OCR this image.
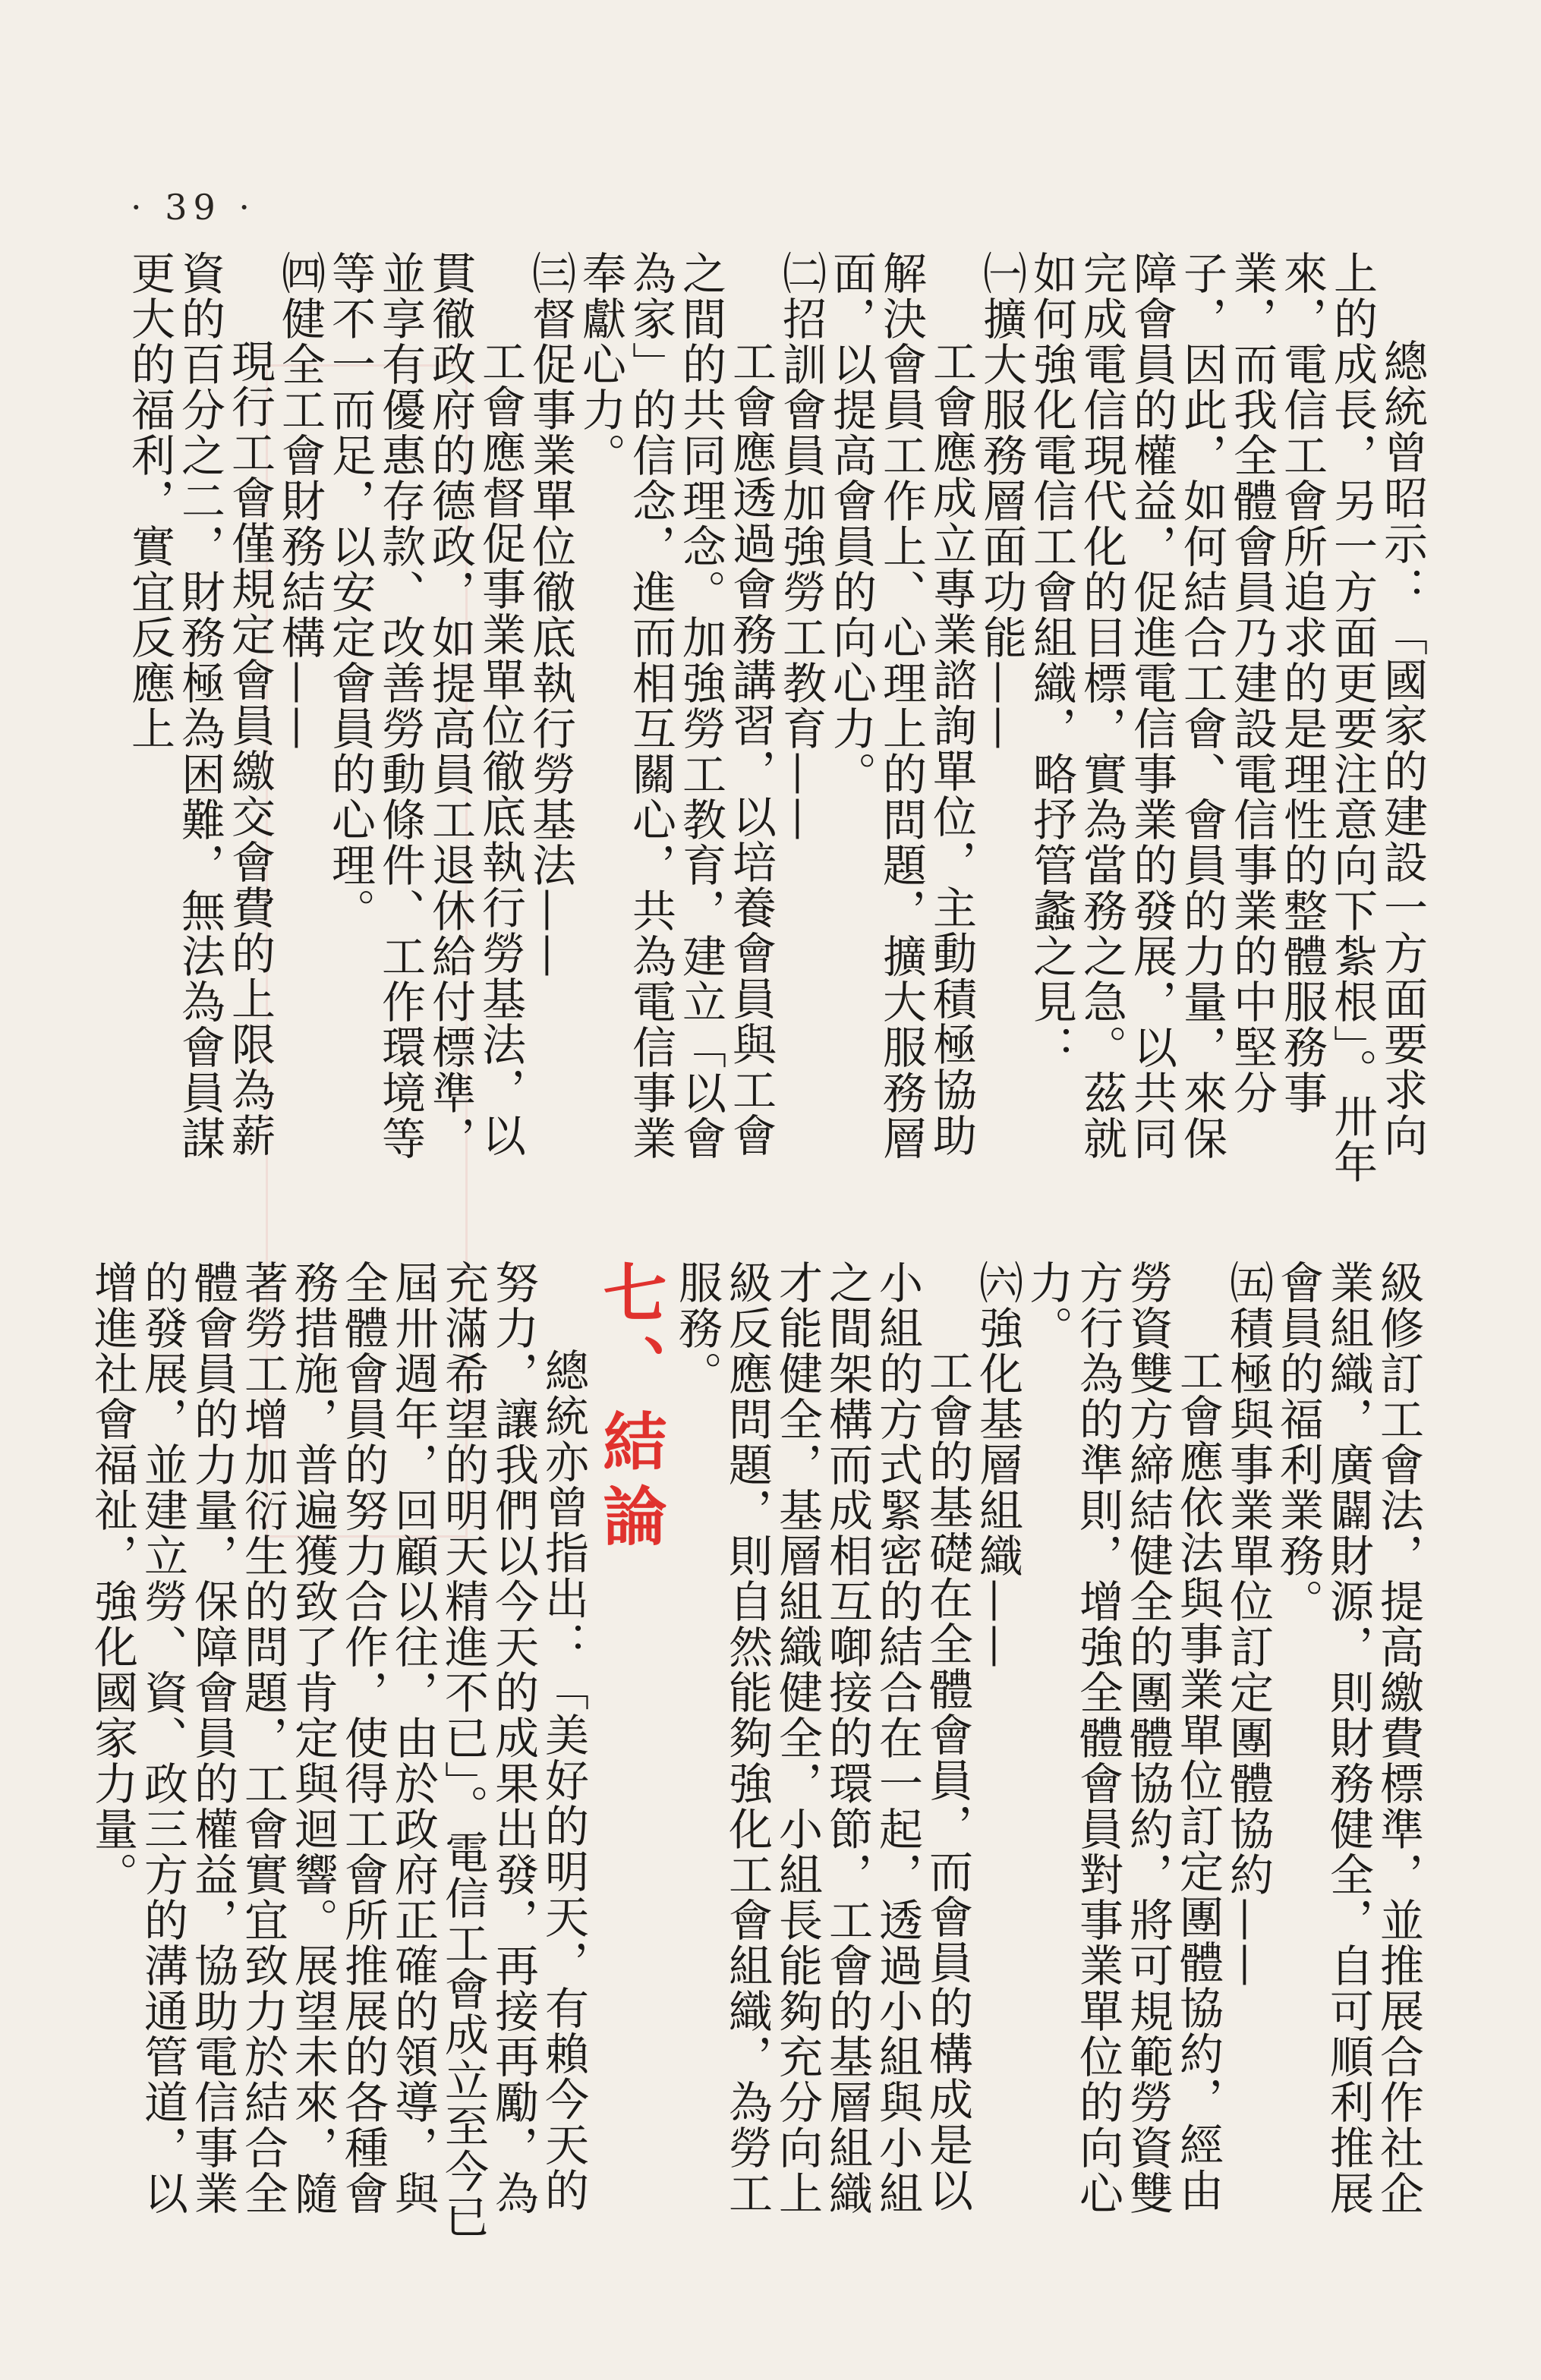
· 39 ·

總統曾昭示：「國家的建設一方面要求向上的成長，另一方面更要注意向下紮根」。卅年來，電信工會所追求的是理性的整體服務事業，而我全體會員乃建設電信事業的中堅分子，因此，如何結合工會、會員的力量，來保障會員的權益，促進電信事業的發展，以共同完成電信現代化的目標，實為當務之急。茲就如何強化電信工會組織，略抒管蠡之見：

㈠擴大服務層面功能——

工會應成立專業諮詢單位，主動積極協助解決會員工作上、心理上的問題，擴大服務層面，以提高會員的向心力。

㈡招訓會員加強勞工教育——

工會應透過會務講習，以培養會員與工會之間的共同理念。加強勞工教育，建立「以會為家」的信念，進而相互關心，共為電信事業奉獻心力。

㈢督促事業單位徹底執行勞基法——

工會應督促事業單位徹底執行勞基法，以貫徹政府的德政，如提高員工退休給付標準，並享有優惠存款、改善勞動條件、工作環境等等不一而足，以安定會員的心理。

㈣健全工會財務結構——

現行工會僅規定會員繳交會費的上限為薪資的百分之二，財務極為困難，無法為會員謀更大的福利，實宜反應上

級修訂工會法，提高繳費標準，並推展合作社企業組織，廣闢財源，則財務健全，自可順利推展會員的福利業務。

㈤積極與事業單位訂定團體協約——

工會應依法與事業單位訂定團體協約，經由勞資雙方締結健全的團體協約，將可規範勞資雙方行為的準則，增強全體會員對事業單位的向心力。

㈥強化基層組織——

工會的基礎在全體會員，而會員的構成是以小組的方式緊密的結合在一起，透過小組與小組之間架構而成相互啣接的環節，工會的基層組織才能健全，基層組織健全，小組長能夠充分向上級反應問題，則自然能夠強化工會組織，為勞工服務。

七、結論

總統亦曾指出：「美好的明天，有賴今天的努力，讓我們以今天的成果出發，再接再勵，為充滿希望的明天精進不已」。電信工會成立至今已屆卅週年，回顧以往，由於政府正確的領導，與全體會員的努力合作，使得工會所推展的各種會務措施，普遍獲致了肯定與迴響。展望未來，隨著勞工增加衍生的問題，工會實宜致力於結合全體會員的力量，保障會員的權益，協助電信事業的發展，並建立勞、資、政三方的溝通管道，以增進社會福祉，強化國家力量。
